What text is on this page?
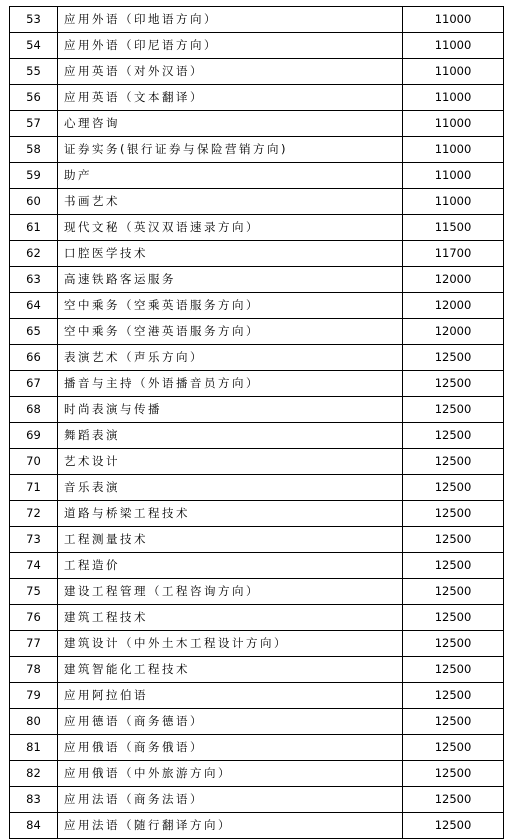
53	应用外语（印地语方向）	11000
54	应用外语（印尼语方向）	11000
55	应用英语（对外汉语）	11000
56	应用英语（文本翻译）	11000
57	心理咨询	11000
58	证券实务(银行证券与保险营销方向)	11000
59	助产	11000
60	书画艺术	11000
61	现代文秘（英汉双语速录方向）	11500
62	口腔医学技术	11700
63	高速铁路客运服务	12000
64	空中乘务（空乘英语服务方向）	12000
65	空中乘务（空港英语服务方向）	12000
66	表演艺术（声乐方向）	12500
67	播音与主持（外语播音员方向）	12500
68	时尚表演与传播	12500
69	舞蹈表演	12500
70	艺术设计	12500
71	音乐表演	12500
72	道路与桥梁工程技术	12500
73	工程测量技术	12500
74	工程造价	12500
75	建设工程管理（工程咨询方向）	12500
76	建筑工程技术	12500
77	建筑设计（中外土木工程设计方向）	12500
78	建筑智能化工程技术	12500
79	应用阿拉伯语	12500
80	应用德语（商务德语）	12500
81	应用俄语（商务俄语）	12500
82	应用俄语（中外旅游方向）	12500
83	应用法语（商务法语）	12500
84	应用法语（随行翻译方向）	12500
